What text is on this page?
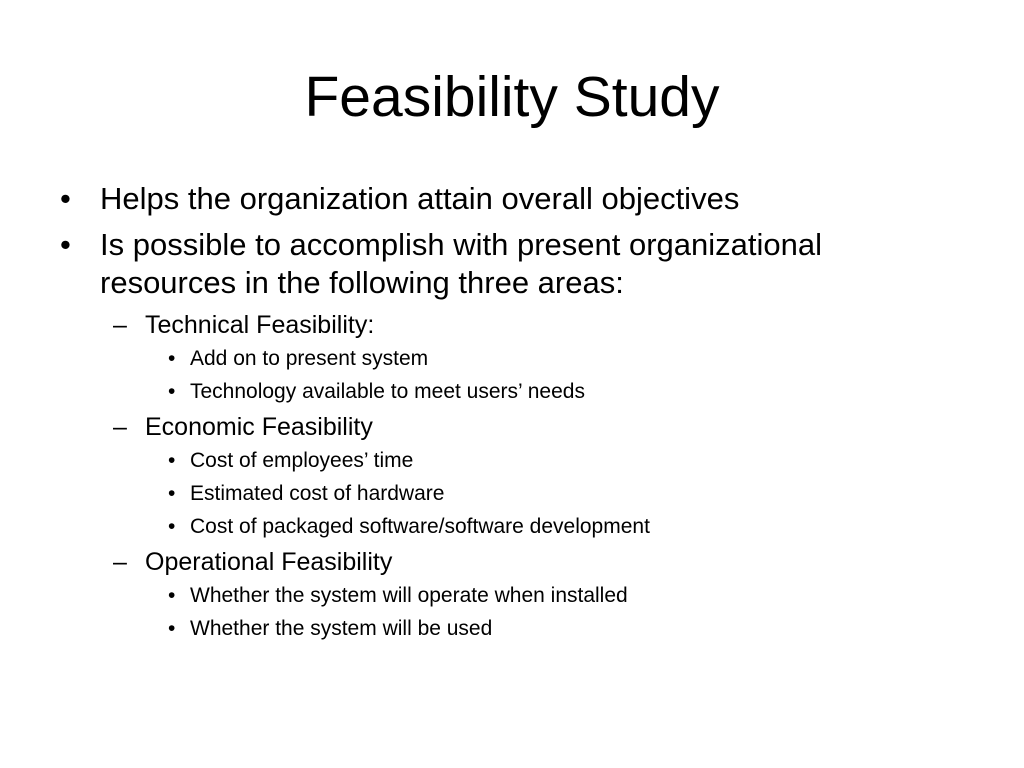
Feasibility Study
• Helps the organization attain overall objectives
• Is possible to accomplish with present organizational resources in the following three areas:
– Technical Feasibility:
• Add on to present system
• Technology available to meet users’ needs
– Economic Feasibility
• Cost of employees’ time
• Estimated cost of hardware
• Cost of packaged software/software development
– Operational Feasibility
• Whether the system will operate when installed
• Whether the system will be used
